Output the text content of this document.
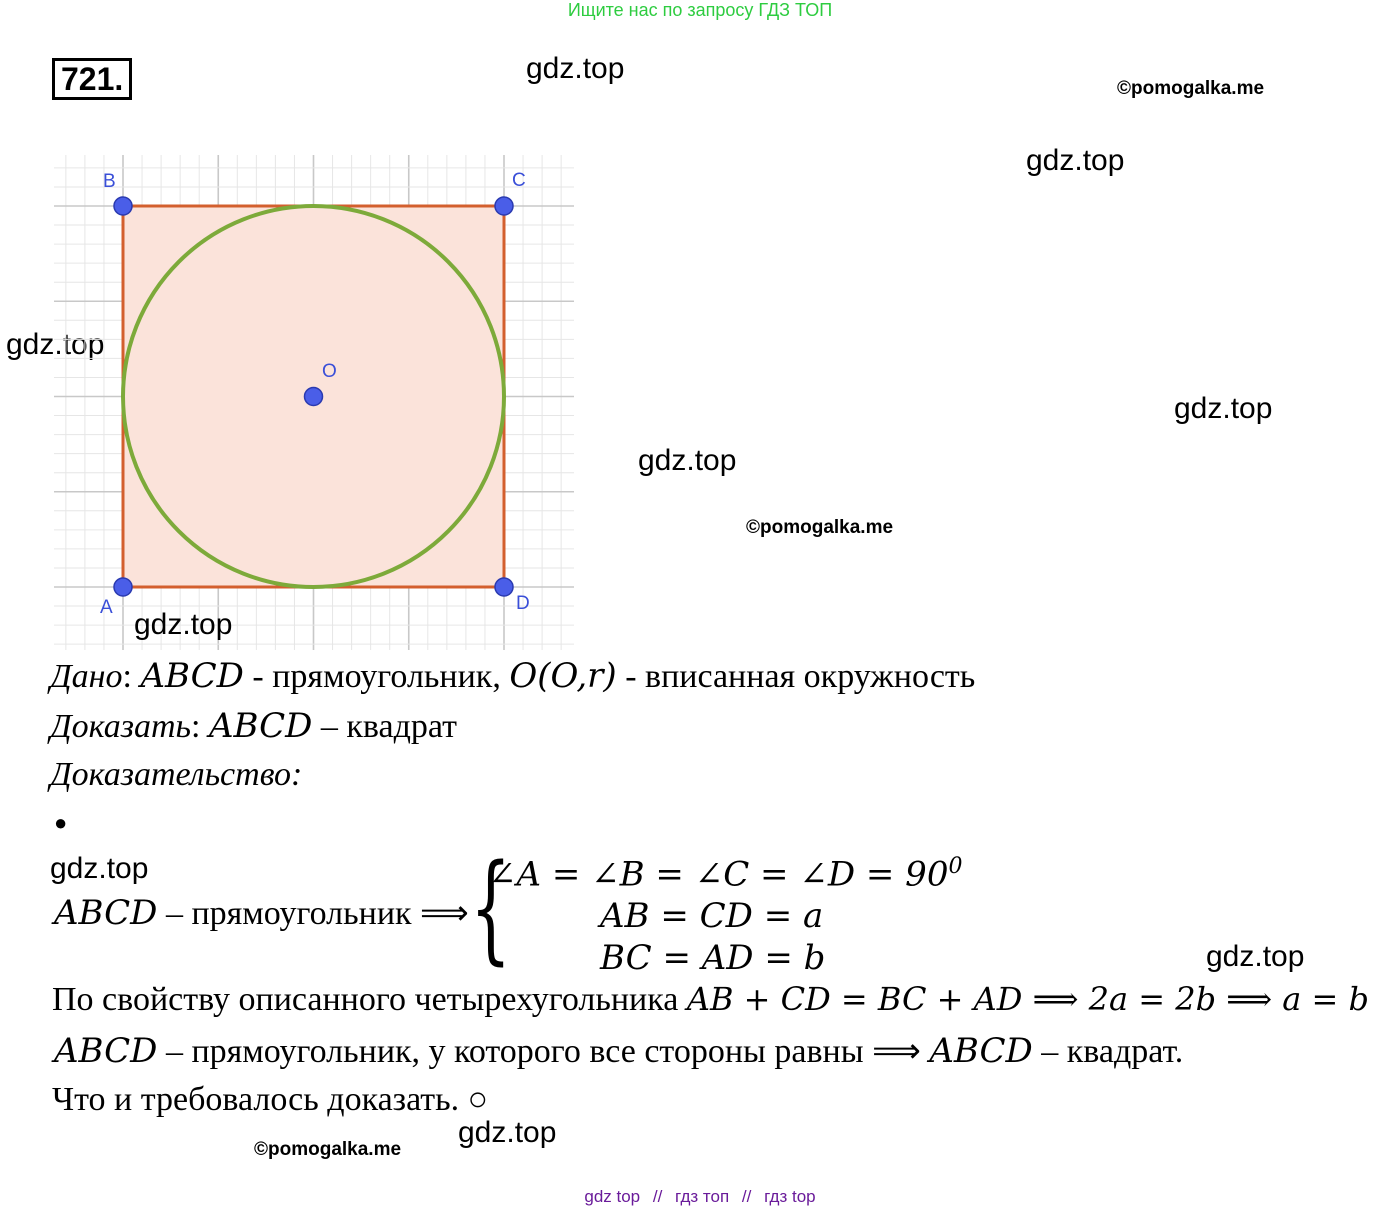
Ищите нас по запросу ГДЗ ТОП
721.	gdz.top
©pomogalka.me
gdz.top
gdz.top
gdz.top
gdz.top
©pomogalka.me
B	C
O
A	D
gdz.top
Дано: ABCD - прямоугольник, O(O,r) - вписанная окружность
Доказать: ABCD – квадрат
Доказательство:
●
gdz.top
ABCD – прямоугольник ⟹ {
∠A = ∠B = ∠C = ∠D = $90^0$
AB = CD = a
BC = AD = b	gdz.top
По свойству описанного четырехугольника AB + CD = BC + AD ⟹ 2a = 2b ⟹ a = b
ABCD – прямоугольник, у которого все стороны равны ⟹ ABCD – квадрат.
Что и требовалось доказать. ○
©pomogalka.me
gdz.top
gdz top // гдз топ // гдз top
